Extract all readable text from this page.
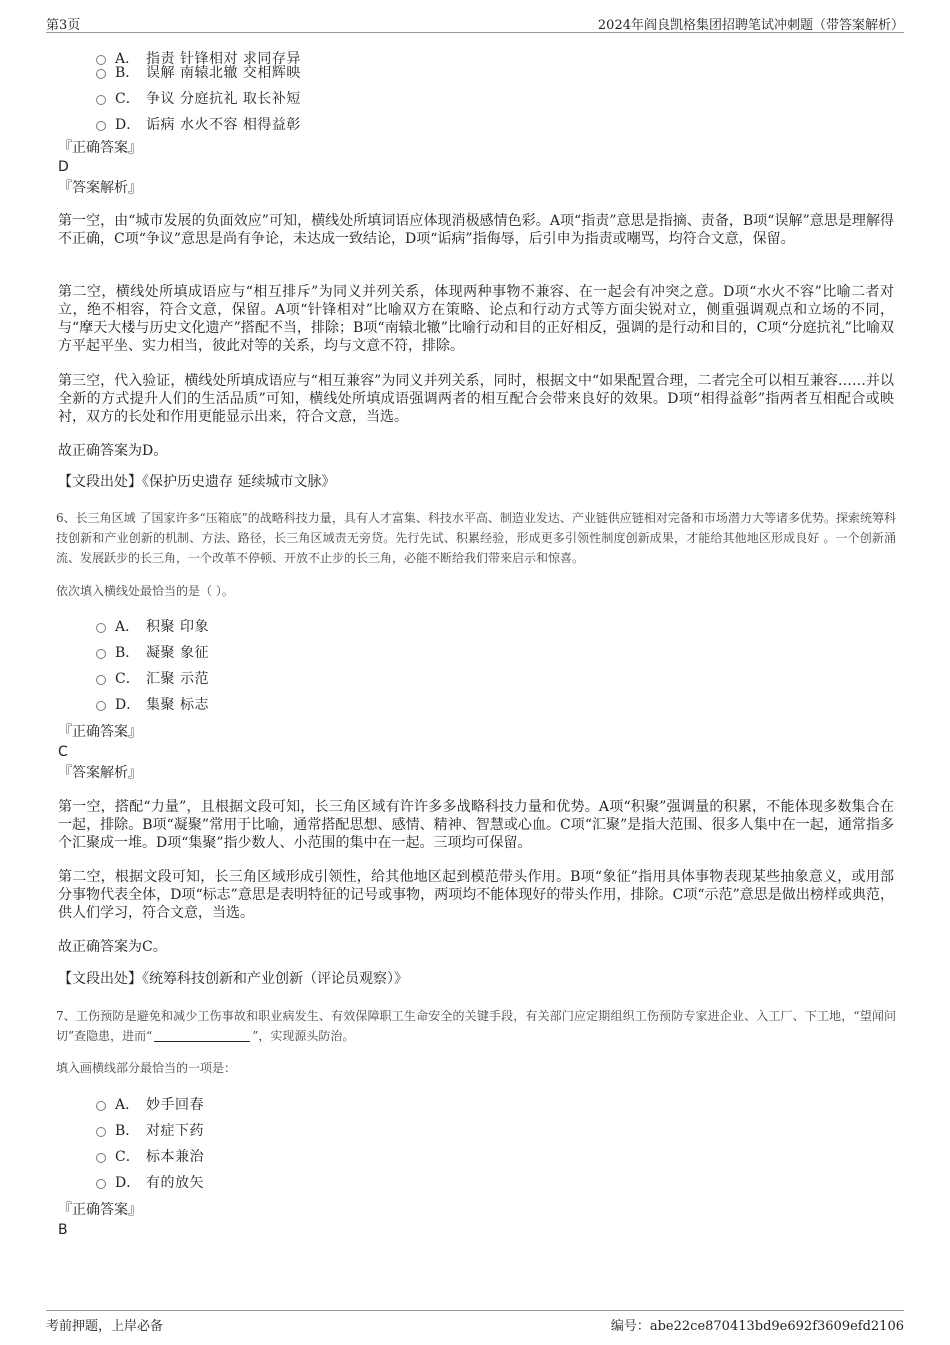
第3页	2024年阎良凯格集团招聘笔试冲刺题（带答案解析）
A． 指责 针锋相对 求同存异
B． 误解 南辕北辙 交相辉映
C． 争议 分庭抗礼 取长补短
D． 诟病 水火不容 相得益彰
『正确答案』
D
『答案解析』

第一空，由“城市发展的负面效应”可知，横线处所填词语应体现消极感情色彩。A项“指责”意思是指摘、责备，B项“误解”意思是理解得不正确，C项“争议”意思是尚有争论，未达成一致结论，D项“诟病”指侮辱，后引申为指责或嘲骂，均符合文意，保留。

第二空，横线处所填成语应与“相互排斥”为同义并列关系，体现两种事物不兼容、在一起会有冲突之意。D项“水火不容”比喻二者对立，绝不相容，符合文意，保留。A项“针锋相对”比喻双方在策略、论点和行动方式等方面尖锐对立，侧重强调观点和立场的不同，与“摩天大楼与历史文化遗产”搭配不当，排除；B项“南辕北辙”比喻行动和目的正好相反，强调的是行动和目的，C项“分庭抗礼”比喻双方平起平坐、实力相当，彼此对等的关系，均与文意不符，排除。

第三空，代入验证，横线处所填成语应与“相互兼容”为同义并列关系，同时，根据文中“如果配置合理，二者完全可以相互兼容……并以全新的方式提升人们的生活品质”可知，横线处所填成语强调两者的相互配合会带来良好的效果。D项“相得益彰”指两者互相配合或映衬，双方的长处和作用更能显示出来，符合文意，当选。

故正确答案为D。

【文段出处】《保护历史遗存 延续城市文脉》

6、长三角区域 了国家许多“压箱底”的战略科技力量，具有人才富集、科技水平高、制造业发达、产业链供应链相对完备和市场潜力大等诸多优势。探索统筹科技创新和产业创新的机制、方法、路径，长三角区域责无旁贷。先行先试、积累经验，形成更多引领性制度创新成果，才能给其他地区形成良好 。一个创新涌流、发展跃步的长三角，一个改革不停顿、开放不止步的长三角，必能不断给我们带来启示和惊喜。

依次填入横线处最恰当的是（ ）。

A． 积聚 印象
B． 凝聚 象征
C． 汇聚 示范
D． 集聚 标志
『正确答案』
C
『答案解析』

第一空，搭配“力量”，且根据文段可知，长三角区域有许许多多战略科技力量和优势。A项“积聚”强调量的积累，不能体现多数集合在一起，排除。B项“凝聚”常用于比喻，通常搭配思想、感情、精神、智慧或心血。C项“汇聚”是指大范围、很多人集中在一起，通常指多个汇聚成一堆。D项“集聚”指少数人、小范围的集中在一起。三项均可保留。

第二空，根据文段可知，长三角区域形成引领性，给其他地区起到模范带头作用。B项“象征”指用具体事物表现某些抽象意义，或用部分事物代表全体，D项“标志”意思是表明特征的记号或事物，两项均不能体现好的带头作用，排除。C项“示范”意思是做出榜样或典范，供人们学习，符合文意，当选。

故正确答案为C。

【文段出处】《统筹科技创新和产业创新（评论员观察）》

7、工伤预防是避免和减少工伤事故和职业病发生、有效保障职工生命安全的关键手段，有关部门应定期组织工伤预防专家进企业、入工厂、下工地，“望闻问切”查隐患，进而“	”，实现源头防治。

填入画横线部分最恰当的一项是：

A． 妙手回春
B． 对症下药
C． 标本兼治
D． 有的放矢
『正确答案』
B
考前押题，上岸必备	编号：abe22ce870413bd9e692f3609efd2106
